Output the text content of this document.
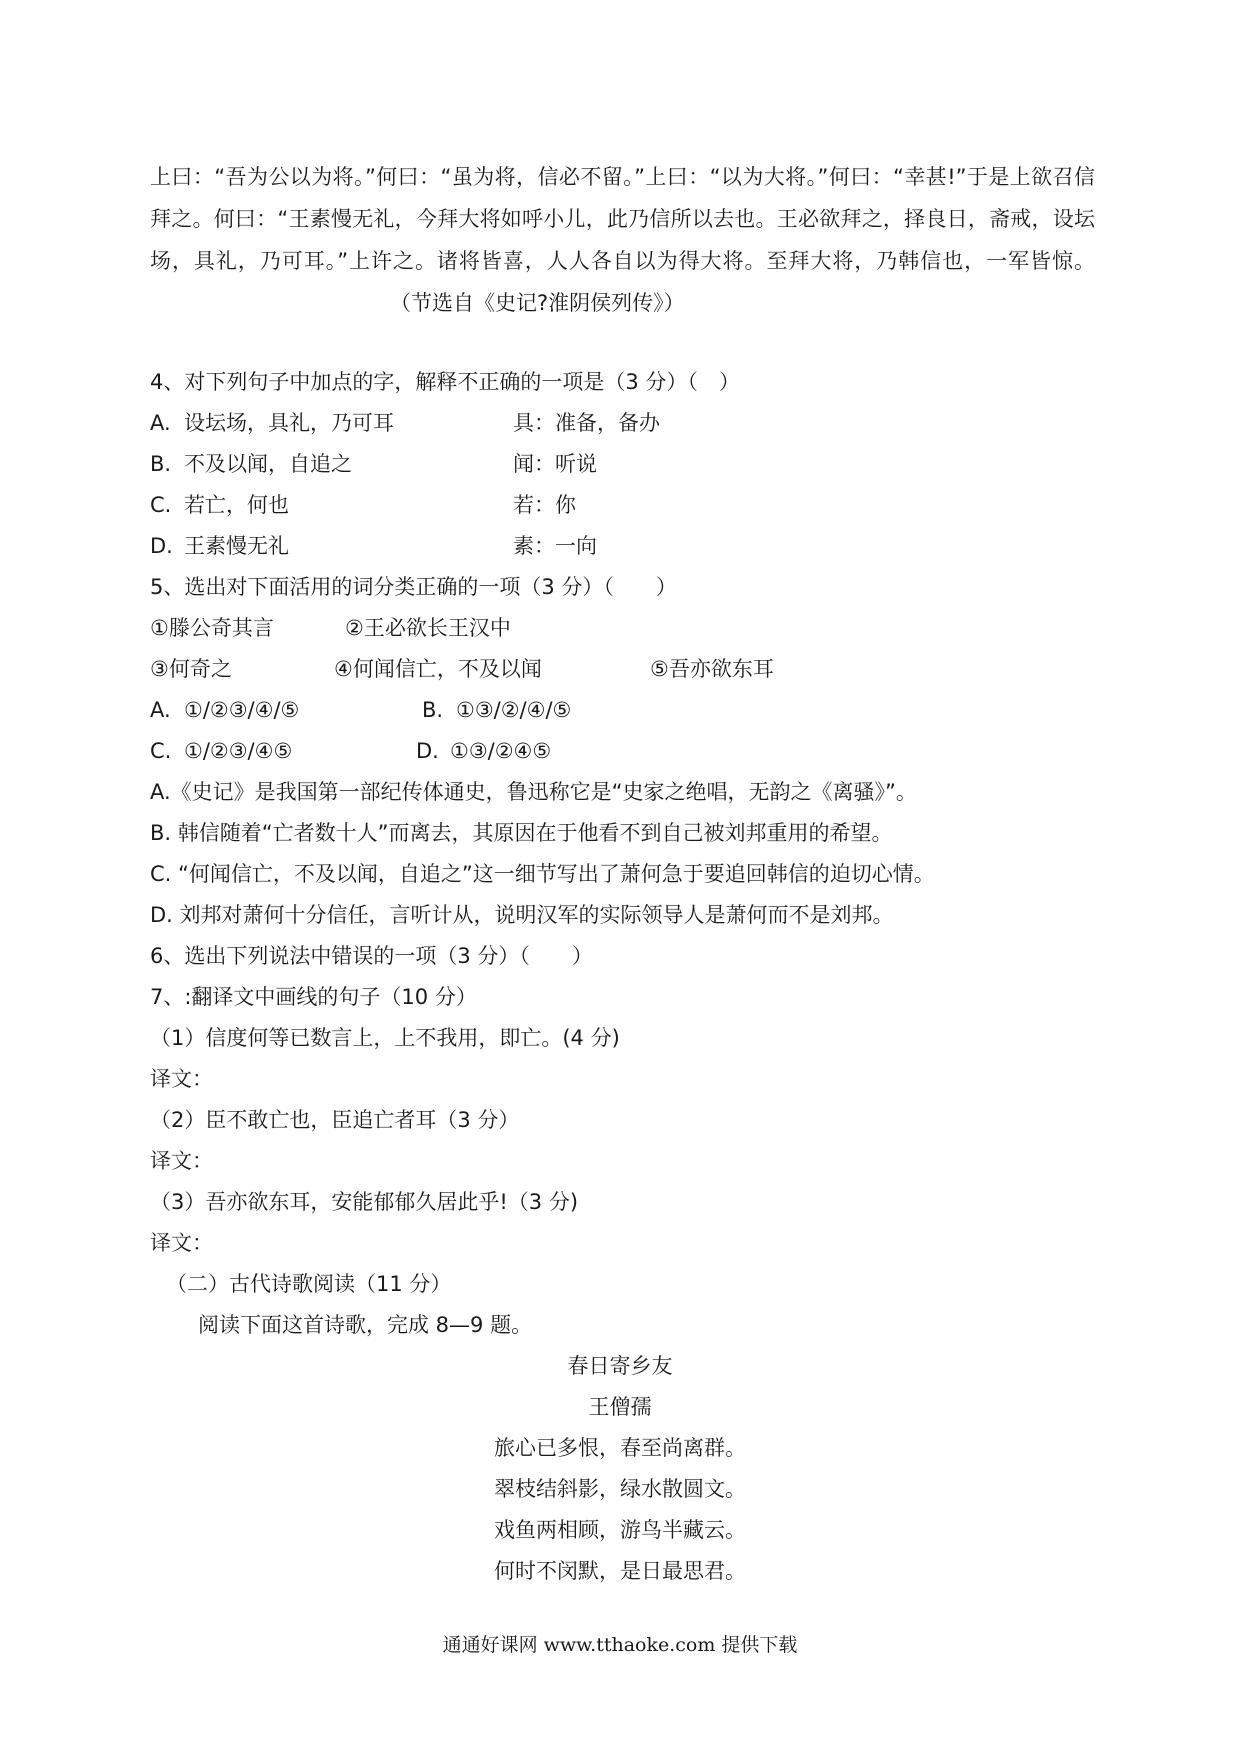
上曰：“吾为公以为将。”何曰：“虽为将，信必不留。”上曰：“以为大将。”何曰：“幸甚!”于是上欲召信拜之。何曰：“王素慢无礼，今拜大将如呼小儿，此乃信所以去也。王必欲拜之，择良日，斋戒，设坛场，具礼，乃可耳。”上许之。诸将皆喜，人人各自以为得大将。至拜大将，乃韩信也，一军皆惊。（节选自《史记?淮阴侯列传》）

4、对下列句子中加点的字，解释不正确的一项是（3 分）（　）
A. 设坛场，具礼，乃可耳	具：准备，备办
B. 不及以闻，自追之	闻：听说
C. 若亡，何也	若：你
D. 王素慢无礼	素：一向
5、选出对下面活用的词分类正确的一项（3 分）（　　）
①滕公奇其言	②王必欲长王汉中
③何奇之	④何闻信亡，不及以闻	⑤吾亦欲东耳
A. ①/②③/④/⑤	B. ①③/②/④/⑤
C. ①/②③/④⑤	D. ①③/②④⑤
A.《史记》是我国第一部纪传体通史，鲁迅称它是“史家之绝唱，无韵之《离骚》”。
B. 韩信随着“亡者数十人”而离去，其原因在于他看不到自己被刘邦重用的希望。
C. “何闻信亡，不及以闻，自追之”这一细节写出了萧何急于要追回韩信的迫切心情。
D. 刘邦对萧何十分信任，言听计从，说明汉军的实际领导人是萧何而不是刘邦。
6、选出下列说法中错误的一项（3 分）（　　）
7、:翻译文中画线的句子（10 分）
（1）信度何等已数言上，上不我用，即亡。(4 分)
译文：
（2）臣不敢亡也，臣追亡者耳（3 分）
译文：
（3）吾亦欲东耳，安能郁郁久居此乎!（3 分)
译文：
（二）古代诗歌阅读（11 分）
阅读下面这首诗歌，完成 8—9 题。
春日寄乡友
王僧孺
旅心已多恨，春至尚离群。
翠枝结斜影，绿水散圆文。
戏鱼两相顾，游鸟半藏云。
何时不闵默，是日最思君。
通通好课网 www.tthaoke.com 提供下载
